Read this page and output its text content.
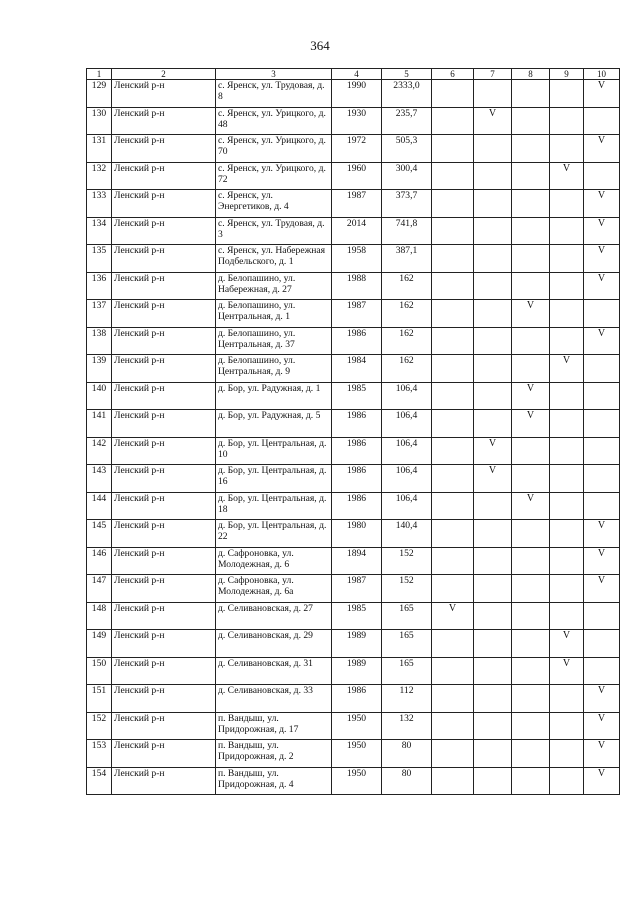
364
1	2	3	4	5	6	7	8	9	10
129	Ленский р-н	с. Яренск, ул. Трудовая, д. 8	1990	2333,0					V
130	Ленский р-н	с. Яренск, ул. Урицкого, д. 48	1930	235,7		V			
131	Ленский р-н	с. Яренск, ул. Урицкого, д. 70	1972	505,3					V
132	Ленский р-н	с. Яренск, ул. Урицкого, д. 72	1960	300,4				V	
133	Ленский р-н	с. Яренск, ул. Энергетиков, д. 4	1987	373,7					V
134	Ленский р-н	с. Яренск, ул. Трудовая, д. 3	2014	741,8					V
135	Ленский р-н	с. Яренск, ул. Набережная Подбельского, д. 1	1958	387,1					V
136	Ленский р-н	д. Белопашино, ул. Набережная, д. 27	1988	162					V
137	Ленский р-н	д. Белопашино, ул. Центральная, д. 1	1987	162			V		
138	Ленский р-н	д. Белопашино, ул. Центральная, д. 37	1986	162					V
139	Ленский р-н	д. Белопашино, ул. Центральная, д. 9	1984	162				V	
140	Ленский р-н	д. Бор, ул. Радужная, д. 1	1985	106,4			V		
141	Ленский р-н	д. Бор, ул. Радужная, д. 5	1986	106,4			V		
142	Ленский р-н	д. Бор, ул. Центральная, д. 10	1986	106,4		V			
143	Ленский р-н	д. Бор, ул. Центральная, д. 16	1986	106,4		V			
144	Ленский р-н	д. Бор, ул. Центральная, д. 18	1986	106,4			V		
145	Ленский р-н	д. Бор, ул. Центральная, д. 22	1980	140,4					V
146	Ленский р-н	д. Сафроновка, ул. Молодежная, д. 6	1894	152					V
147	Ленский р-н	д. Сафроновка, ул. Молодежная, д. 6а	1987	152					V
148	Ленский р-н	д. Селивановская, д. 27	1985	165	V				
149	Ленский р-н	д. Селивановская, д. 29	1989	165				V	
150	Ленский р-н	д. Селивановская, д. 31	1989	165				V	
151	Ленский р-н	д. Селивановская, д. 33	1986	112					V
152	Ленский р-н	п. Вандыш, ул. Придорожная, д. 17	1950	132					V
153	Ленский р-н	п. Вандыш, ул. Придорожная, д. 2	1950	80					V
154	Ленский р-н	п. Вандыш, ул. Придорожная, д. 4	1950	80					V
